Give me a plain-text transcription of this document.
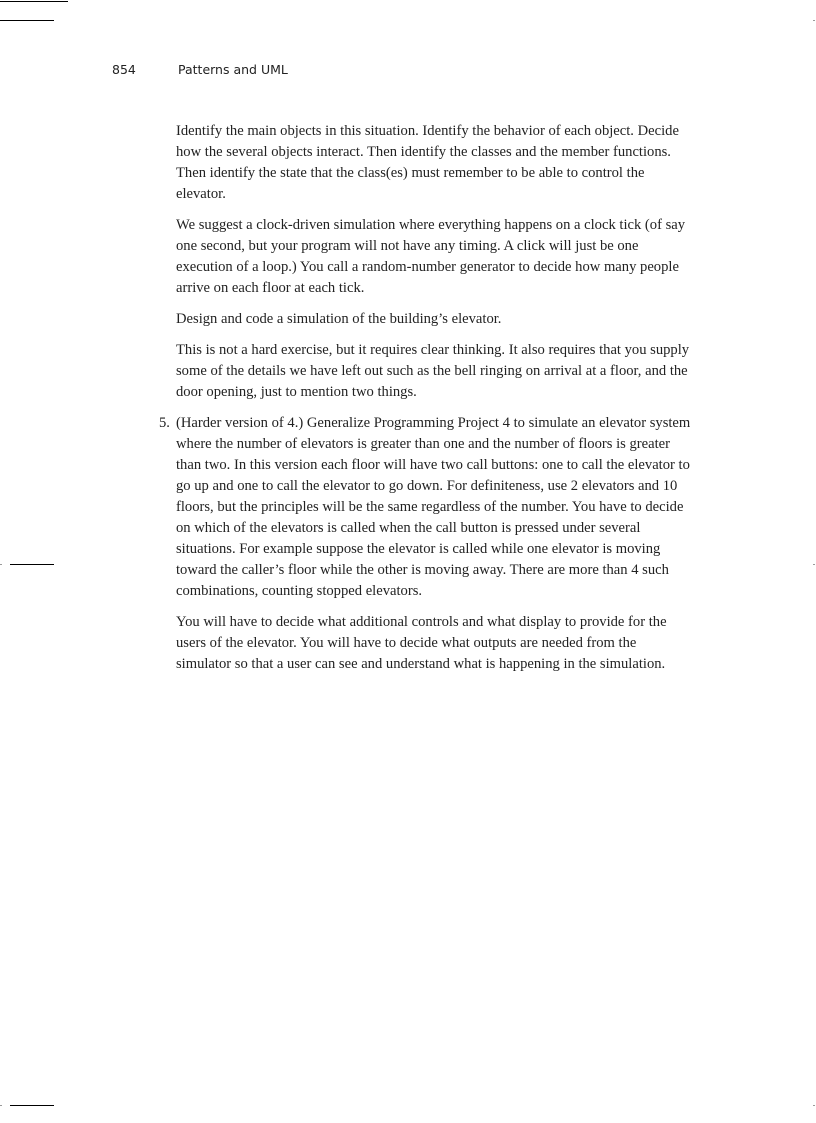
854	Patterns and UML

Identify the main objects in this situation. Identify the behavior of each object. Decide how the several objects interact. Then identify the classes and the member functions. Then identify the state that the class(es) must remember to be able to control the elevator.

We suggest a clock-driven simulation where everything happens on a clock tick (of say one second, but your program will not have any timing. A click will just be one execution of a loop.) You call a random-number generator to decide how many people arrive on each floor at each tick.

Design and code a simulation of the building’s elevator.

This is not a hard exercise, but it requires clear thinking. It also requires that you supply some of the details we have left out such as the bell ringing on arrival at a floor, and the door opening, just to mention two things.

5. (Harder version of 4.) Generalize Programming Project 4 to simulate an elevator system where the number of elevators is greater than one and the number of floors is greater than two. In this version each floor will have two call buttons: one to call the elevator to go up and one to call the elevator to go down. For definiteness, use 2 elevators and 10 floors, but the principles will be the same regardless of the number. You have to decide on which of the elevators is called when the call button is pressed under several situations. For example suppose the elevator is called while one elevator is moving toward the caller’s floor while the other is moving away. There are more than 4 such combinations, counting stopped elevators.

You will have to decide what additional controls and what display to provide for the users of the elevator. You will have to decide what outputs are needed from the simulator so that a user can see and understand what is happening in the simulation.
